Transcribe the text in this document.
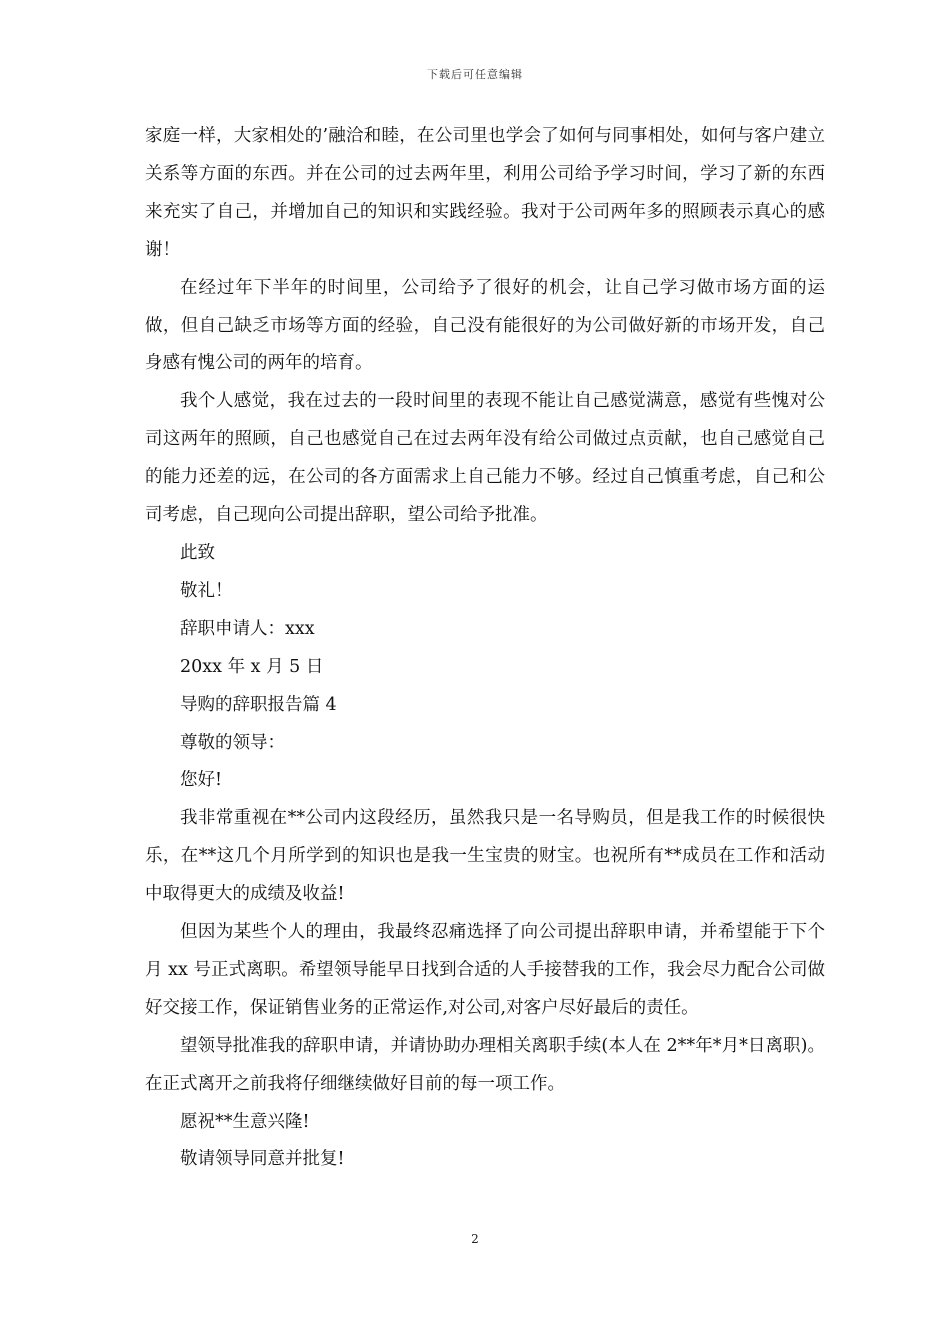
下载后可任意编辑

家庭一样，大家相处的’融洽和睦，在公司里也学会了如何与同事相处，如何与客户建立关系等方面的东西。并在公司的过去两年里，利用公司给予学习时间，学习了新的东西来充实了自己，并增加自己的知识和实践经验。我对于公司两年多的照顾表示真心的感谢！

在经过年下半年的时间里，公司给予了很好的机会，让自己学习做市场方面的运做，但自己缺乏市场等方面的经验，自己没有能很好的为公司做好新的市场开发，自己身感有愧公司的两年的培育。

我个人感觉，我在过去的一段时间里的表现不能让自己感觉满意，感觉有些愧对公司这两年的照顾，自己也感觉自己在过去两年没有给公司做过点贡献，也自己感觉自己的能力还差的远，在公司的各方面需求上自己能力不够。经过自己慎重考虑，自己和公司考虑，自己现向公司提出辞职，望公司给予批准。

此致

敬礼！

辞职申请人：xxx

20xx 年 x 月 5 日

导购的辞职报告篇 4

尊敬的领导：

您好!

我非常重视在**公司内这段经历，虽然我只是一名导购员，但是我工作的时候很快乐，在**这几个月所学到的知识也是我一生宝贵的财宝。也祝所有**成员在工作和活动中取得更大的成绩及收益!

但因为某些个人的理由，我最终忍痛选择了向公司提出辞职申请，并希望能于下个月 xx 号正式离职。希望领导能早日找到合适的人手接替我的工作，我会尽力配合公司做好交接工作，保证销售业务的正常运作,对公司,对客户尽好最后的责任。

望领导批准我的辞职申请，并请协助办理相关离职手续(本人在 2**年*月*日离职)。在正式离开之前我将仔细继续做好目前的每一项工作。

愿祝**生意兴隆!

敬请领导同意并批复!

2
